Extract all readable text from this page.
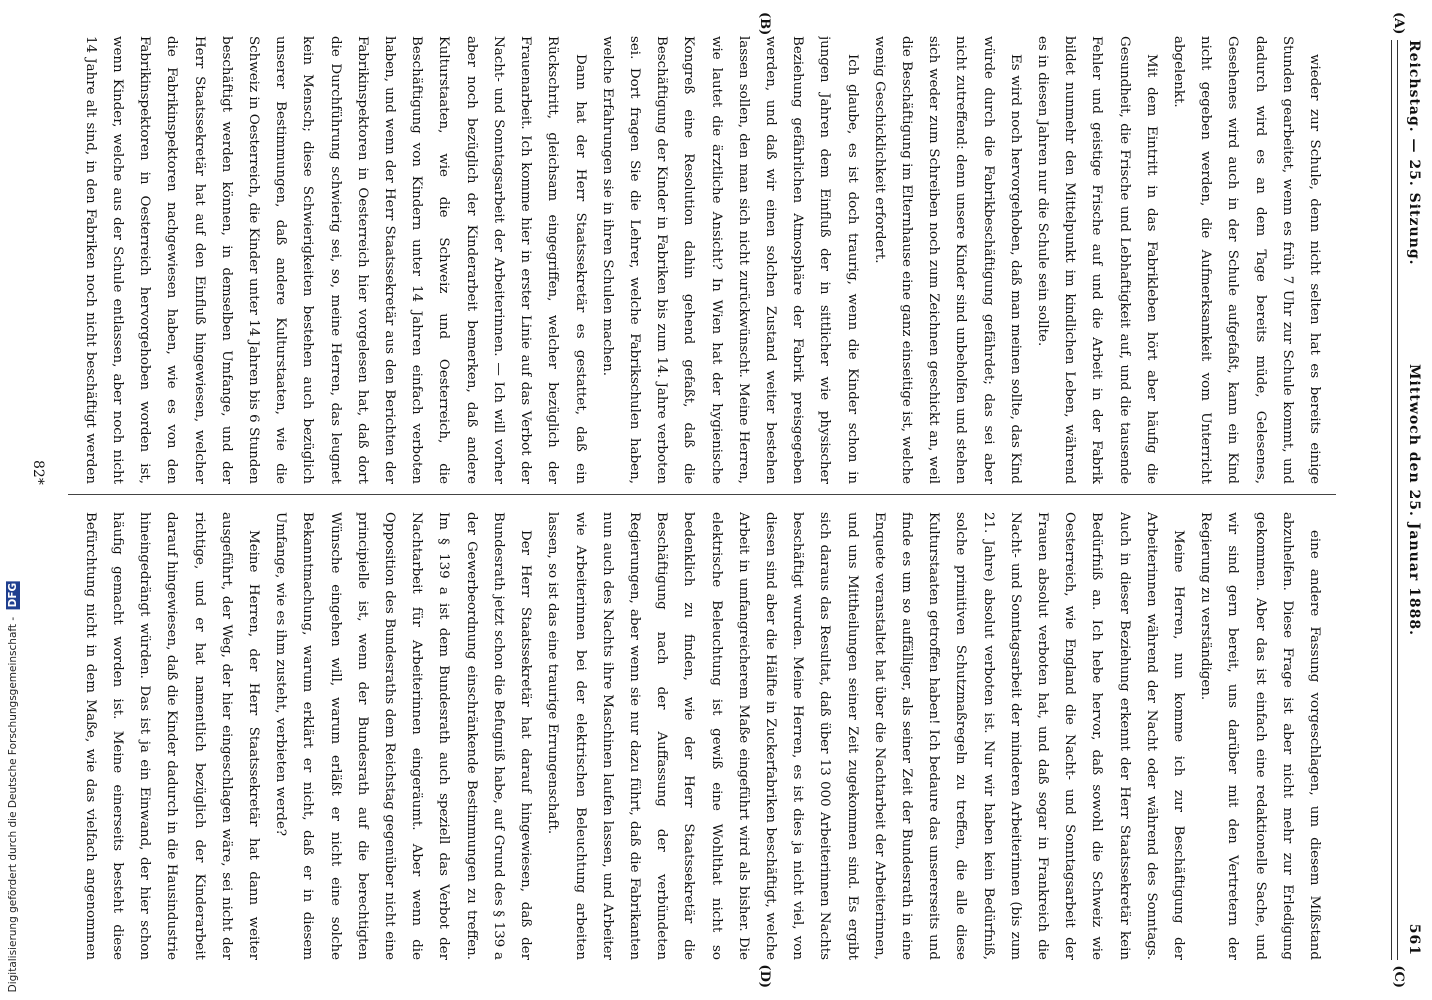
Reichstag. — 25. Sitzung.
Mittwoch den 25. Januar 1888.
561
(A)
(B)
(C)
(D)

wieder zur Schule, denn nicht selten hat es bereits einige Stunden gearbeitet, wenn es früh 7 Uhr zur Schule kommt, und dadurch wird es an dem Tage bereits müde, Gelesenes, Gesehenes wird auch in der Schule aufgefaßt, kann ein Kind nicht gegeben werden, die Aufmerksamkeit vom Unterricht abgelenkt.

Mit dem Eintritt in das Fabrikleben hört aber häufig die Gesundheit, die Frische und Lebhaftigkeit auf, und die tausende Fehler und geistige Frische auf und die Arbeit in der Fabrik bildet nunmehr den Mittelpunkt im kindlichen Leben, während es in diesen Jahren nur die Schule sein sollte.

Es wird noch hervorgehoben, daß man meinen sollte, das Kind würde durch die Fabrikbeschäftigung gefährdet; das sei aber nicht zutreffend: denn unsere Kinder sind unbeholfen und stehen sich weder zum Schreiben noch zum Zeichnen geschickt an, weil die Beschäftigung im Elternhause eine ganz einseitige ist, welche wenig Geschicklichkeit erfordert.

Ich glaube, es ist doch traurig, wenn die Kinder schon in jungen Jahren dem Einfluß der in sittlicher wie physischer Beziehung gefährlichen Atmosphäre der Fabrik preisgegeben werden, und daß wir einen solchen Zustand weiter bestehen lassen sollen, den man sich nicht zurückwünscht. Meine Herren, wie lautet die ärztliche Ansicht? In Wien hat der hygienische Kongreß eine Resolution dahin gehend gefaßt, daß die Beschäftigung der Kinder in Fabriken bis zum 14. Jahre verboten sei. Dort fragen Sie die Lehrer, welche Fabrikschulen haben, welche Erfahrungen sie in ihren Schulen machen.

Dann hat der Herr Staatssekretär es gestattet, daß ein Rückschritt, gleichsam eingegriffen, welcher bezüglich der Frauenarbeit. Ich komme hier in erster Linie auf das Verbot der Nacht- und Sonntagsarbeit der Arbeiterinnen. — Ich will vorher aber noch bezüglich der Kinderarbeit bemerken, daß andere Kulturstaaten, wie die Schweiz und Oesterreich, die Beschäftigung von Kindern unter 14 Jahren einfach verboten haben, und wenn der Herr Staatssekretär aus den Berichten der Fabrikinspektoren in Oesterreich hier vorgelesen hat, daß dort die Durchführung schwierig sei, so, meine Herren, das leugnet kein Mensch; diese Schwierigkeiten bestehen auch bezüglich unserer Bestimmungen, daß andere Kulturstaaten, wie die Schweiz in Oesterreich, die Kinder unter 14 Jahren bis 6 Stunden beschäftigt werden können, in demselben Umfange, und der Herr Staatssekretär hat auf den Einfluß hingewiesen, welcher die Fabrikinspektoren nachgewiesen haben, wie es von den Fabrikinspektoren in Oesterreich hervorgehoben worden ist, wenn Kinder, welche aus der Schule entlassen, aber noch nicht 14 Jahre alt sind, in den Fabriken noch nicht beschäftigt werden

eine andere Fassung vorgeschlagen, um diesem Mißstand abzuhelfen. Diese Frage ist aber nicht mehr zur Erledigung gekommen. Aber das ist einfach eine redaktionelle Sache, und wir sind gern bereit, uns darüber mit den Vertretern der Regierung zu verständigen.

Meine Herren, nun komme ich zur Beschäftigung der Arbeiterinnen während der Nacht oder während des Sonntags. Auch in dieser Beziehung erkennt der Herr Staatssekretär kein Bedürfniß an. Ich hebe hervor, daß sowohl die Schweiz wie Oesterreich, wie England die Nacht- und Sonntagsarbeit der Frauen absolut verboten hat, und daß sogar in Frankreich die Nacht- und Sonntagsarbeit der minderen Arbeiterinnen (bis zum 21. Jahre) absolut verboten ist. Nur wir haben kein Bedürfniß, solche primitiven Schutzmaßregeln zu treffen, die alle diese Kulturstaaten getroffen haben! Ich bedaure das unsererseits und finde es um so auffälliger, als seiner Zeit der Bundesrath in eine Enquete veranstaltet hat über die Nachtarbeit der Arbeiterinnen, und uns Mittheilungen seiner Zeit zugekommen sind. Es ergibt sich daraus das Resultat, daß über 13 000 Arbeiterinnen Nachts beschäftigt wurden. Meine Herren, es ist dies ja nicht viel, von diesen sind aber die Hälfte in Zuckerfabriken beschäftigt, welche Arbeit in umfangreicherem Maße eingeführt wird als bisher. Die elektrische Beleuchtung ist gewiß eine Wohlthat nicht so bedenklich zu finden, wie der Herr Staatssekretär die Beschäftigung nach der Auffassung der verbündeten Regierungen, aber wenn sie nur dazu führt, daß die Fabrikanten nun auch des Nachts ihre Maschinen laufen lassen, und Arbeiter wie Arbeiterinnen bei der elektrischen Beleuchtung arbeiten lassen, so ist das eine traurige Errungenschaft.

Der Herr Staatssekretär hat darauf hingewiesen, daß der Bundesrath jetzt schon die Befugniß habe, auf Grund des § 139 a der Gewerbeordnung einschränkende Bestimmungen zu treffen. Im § 139 a ist dem Bundesrath auch speziell das Verbot der Nachtarbeit für Arbeiterinnen eingeräumt. Aber wenn die Opposition des Bundesraths dem Reichstag gegenüber nicht eine principielle ist, wenn der Bundesrath auf die berechtigten Wünsche eingehen will, warum erläßt er nicht eine solche Bekanntmachung, warum erklärt er nicht, daß er in diesem Umfange, wie es ihm zusteht, verbieten werde?

Meine Herren, der Herr Staatssekretär hat dann weiter ausgeführt, der Weg, der hier eingeschlagen wäre, sei nicht der richtige, und er hat namentlich bezüglich der Kinderarbeit darauf hingewiesen, daß die Kinder dadurch in die Hausindustrie hineingedrängt würden. Das ist ja ein Einwand, der hier schon häufig gemacht worden ist. Meine einerseits besteht diese Befürchtung nicht in dem Maße, wie das vielfach angenommen

82*
Digitalisierung gefördert durch die Deutsche Forschungsgemeinschaft - DFG
